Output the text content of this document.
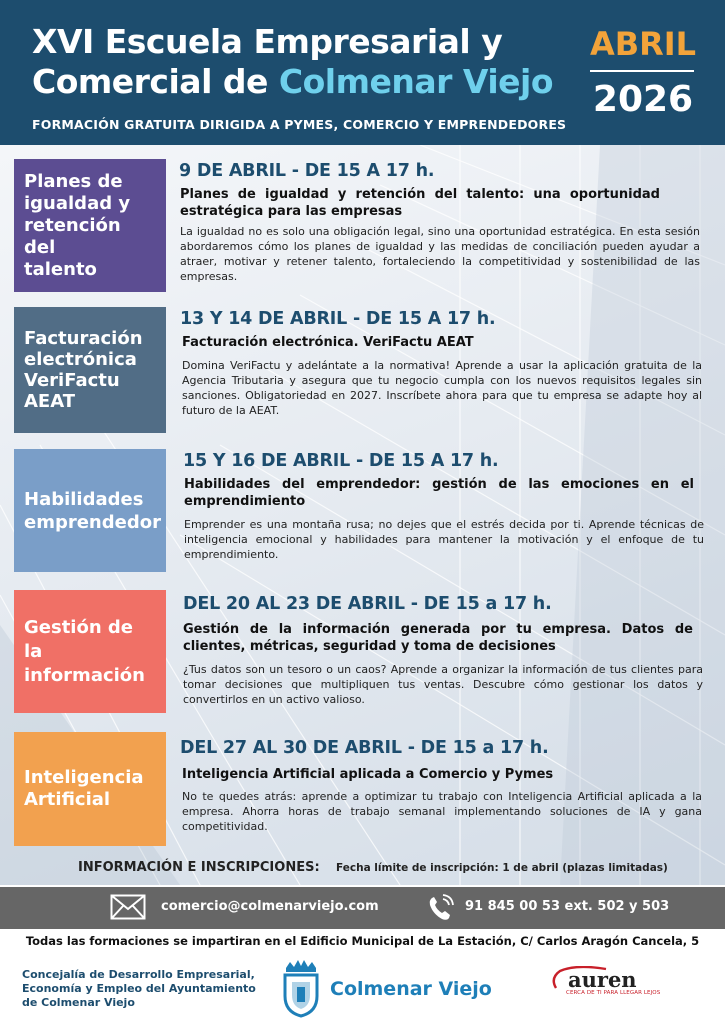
XVI Escuela Empresarial y
Comercial de Colmenar Viejo
FORMACIÓN GRATUITA DIRIGIDA A PYMES, COMERCIO Y EMPRENDEDORES
ABRIL
2026
Planes de
igualdad y
retención del
talento
9 DE ABRIL - DE 15 A 17 h.
Planes de igualdad y retención del talento: una oportunidad estratégica para las empresas
La igualdad no es solo una obligación legal, sino una oportunidad estratégica. En esta sesión abordaremos cómo los planes de igualdad y las medidas de conciliación pueden ayudar a atraer, motivar y retener talento, fortaleciendo la competitividad y sostenibilidad de las empresas.
Facturación
electrónica
VeriFactu
AEAT
13 Y 14 DE ABRIL - DE 15 A 17 h.
Facturación electrónica. VeriFactu AEAT
Domina VeriFactu y adelántate a la normativa! Aprende a usar la aplicación gratuita de la Agencia Tributaria y asegura que tu negocio cumpla con los nuevos requisitos legales sin sanciones. Obligatoriedad en 2027. Inscríbete ahora para que tu empresa se adapte hoy al futuro de la AEAT.
Habilidades
emprendedor
15 Y 16 DE ABRIL - DE 15 A 17 h.
Habilidades del emprendedor: gestión de las emociones en el emprendimiento
Emprender es una montaña rusa; no dejes que el estrés decida por ti. Aprende técnicas de inteligencia emocional y habilidades para mantener la motivación y el enfoque de tu emprendimiento.
Gestión de la
información
DEL 20 AL 23 DE ABRIL - DE 15 a 17 h.
Gestión de la información generada por tu empresa. Datos de clientes, métricas, seguridad y toma de decisiones
¿Tus datos son un tesoro o un caos? Aprende a organizar la información de tus clientes para tomar decisiones que multipliquen tus ventas. Descubre cómo gestionar los datos y convertirlos en un activo valioso.
Inteligencia
Artificial
DEL 27 AL 30 DE ABRIL - DE 15 a 17 h.
Inteligencia Artificial aplicada a Comercio y Pymes
No te quedes atrás: aprende a optimizar tu trabajo con Inteligencia Artificial aplicada a la empresa. Ahorra horas de trabajo semanal implementando soluciones de IA y gana competitividad.
INFORMACIÓN E INSCRIPCIONES: Fecha límite de inscripción: 1 de abril (plazas limitadas)
comercio@colmenarviejo.com	91 845 00 53 ext. 502 y 503
Todas las formaciones se impartiran en el Edificio Municipal de La Estación, C/ Carlos Aragón Cancela, 5
Concejalía de Desarrollo Empresarial,
Economía y Empleo del Ayuntamiento
de Colmenar Viejo
Colmenar Viejo	auren
CERCA DE TI PARA LLEGAR LEJOS
